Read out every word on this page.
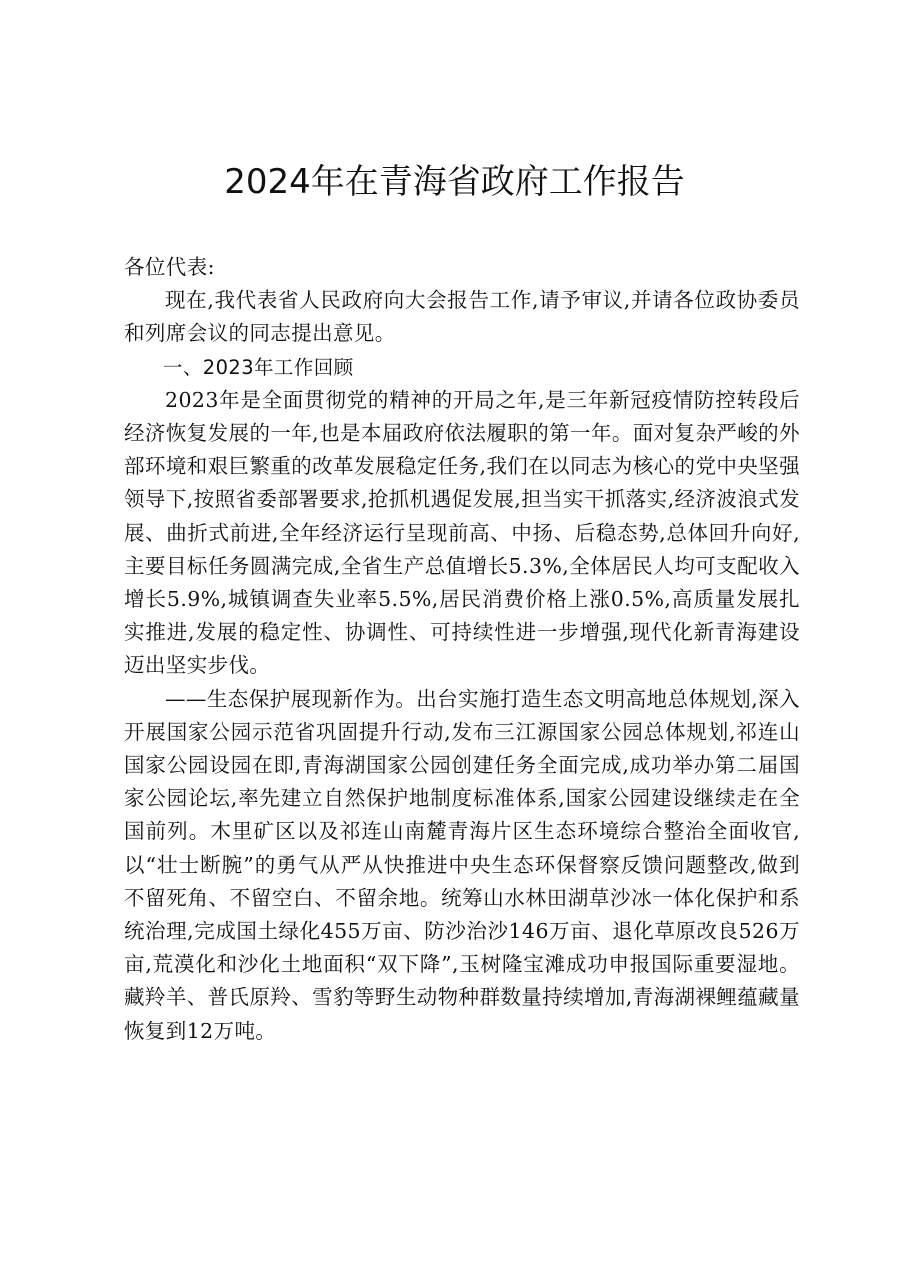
2024年在青海省政府工作报告

各位代表:

现在,我代表省人民政府向大会报告工作,请予审议,并请各位政协委员和列席会议的同志提出意见。

一、2023年工作回顾

2023年是全面贯彻党的精神的开局之年,是三年新冠疫情防控转段后经济恢复发展的一年,也是本届政府依法履职的第一年。面对复杂严峻的外部环境和艰巨繁重的改革发展稳定任务,我们在以同志为核心的党中央坚强领导下,按照省委部署要求,抢抓机遇促发展,担当实干抓落实,经济波浪式发展、曲折式前进,全年经济运行呈现前高、中扬、后稳态势,总体回升向好,主要目标任务圆满完成,全省生产总值增长5.3%,全体居民人均可支配收入增长5.9%,城镇调查失业率5.5%,居民消费价格上涨0.5%,高质量发展扎实推进,发展的稳定性、协调性、可持续性进一步增强,现代化新青海建设迈出坚实步伐。

——生态保护展现新作为。出台实施打造生态文明高地总体规划,深入开展国家公园示范省巩固提升行动,发布三江源国家公园总体规划,祁连山国家公园设园在即,青海湖国家公园创建任务全面完成,成功举办第二届国家公园论坛,率先建立自然保护地制度标准体系,国家公园建设继续走在全国前列。木里矿区以及祁连山南麓青海片区生态环境综合整治全面收官,以“壮士断腕”的勇气从严从快推进中央生态环保督察反馈问题整改,做到不留死角、不留空白、不留余地。统筹山水林田湖草沙冰一体化保护和系统治理,完成国土绿化455万亩、防沙治沙146万亩、退化草原改良526万亩,荒漠化和沙化土地面积“双下降”,玉树隆宝滩成功申报国际重要湿地。藏羚羊、普氏原羚、雪豹等野生动物种群数量持续增加,青海湖裸鲤蕴藏量恢复到12万吨。
